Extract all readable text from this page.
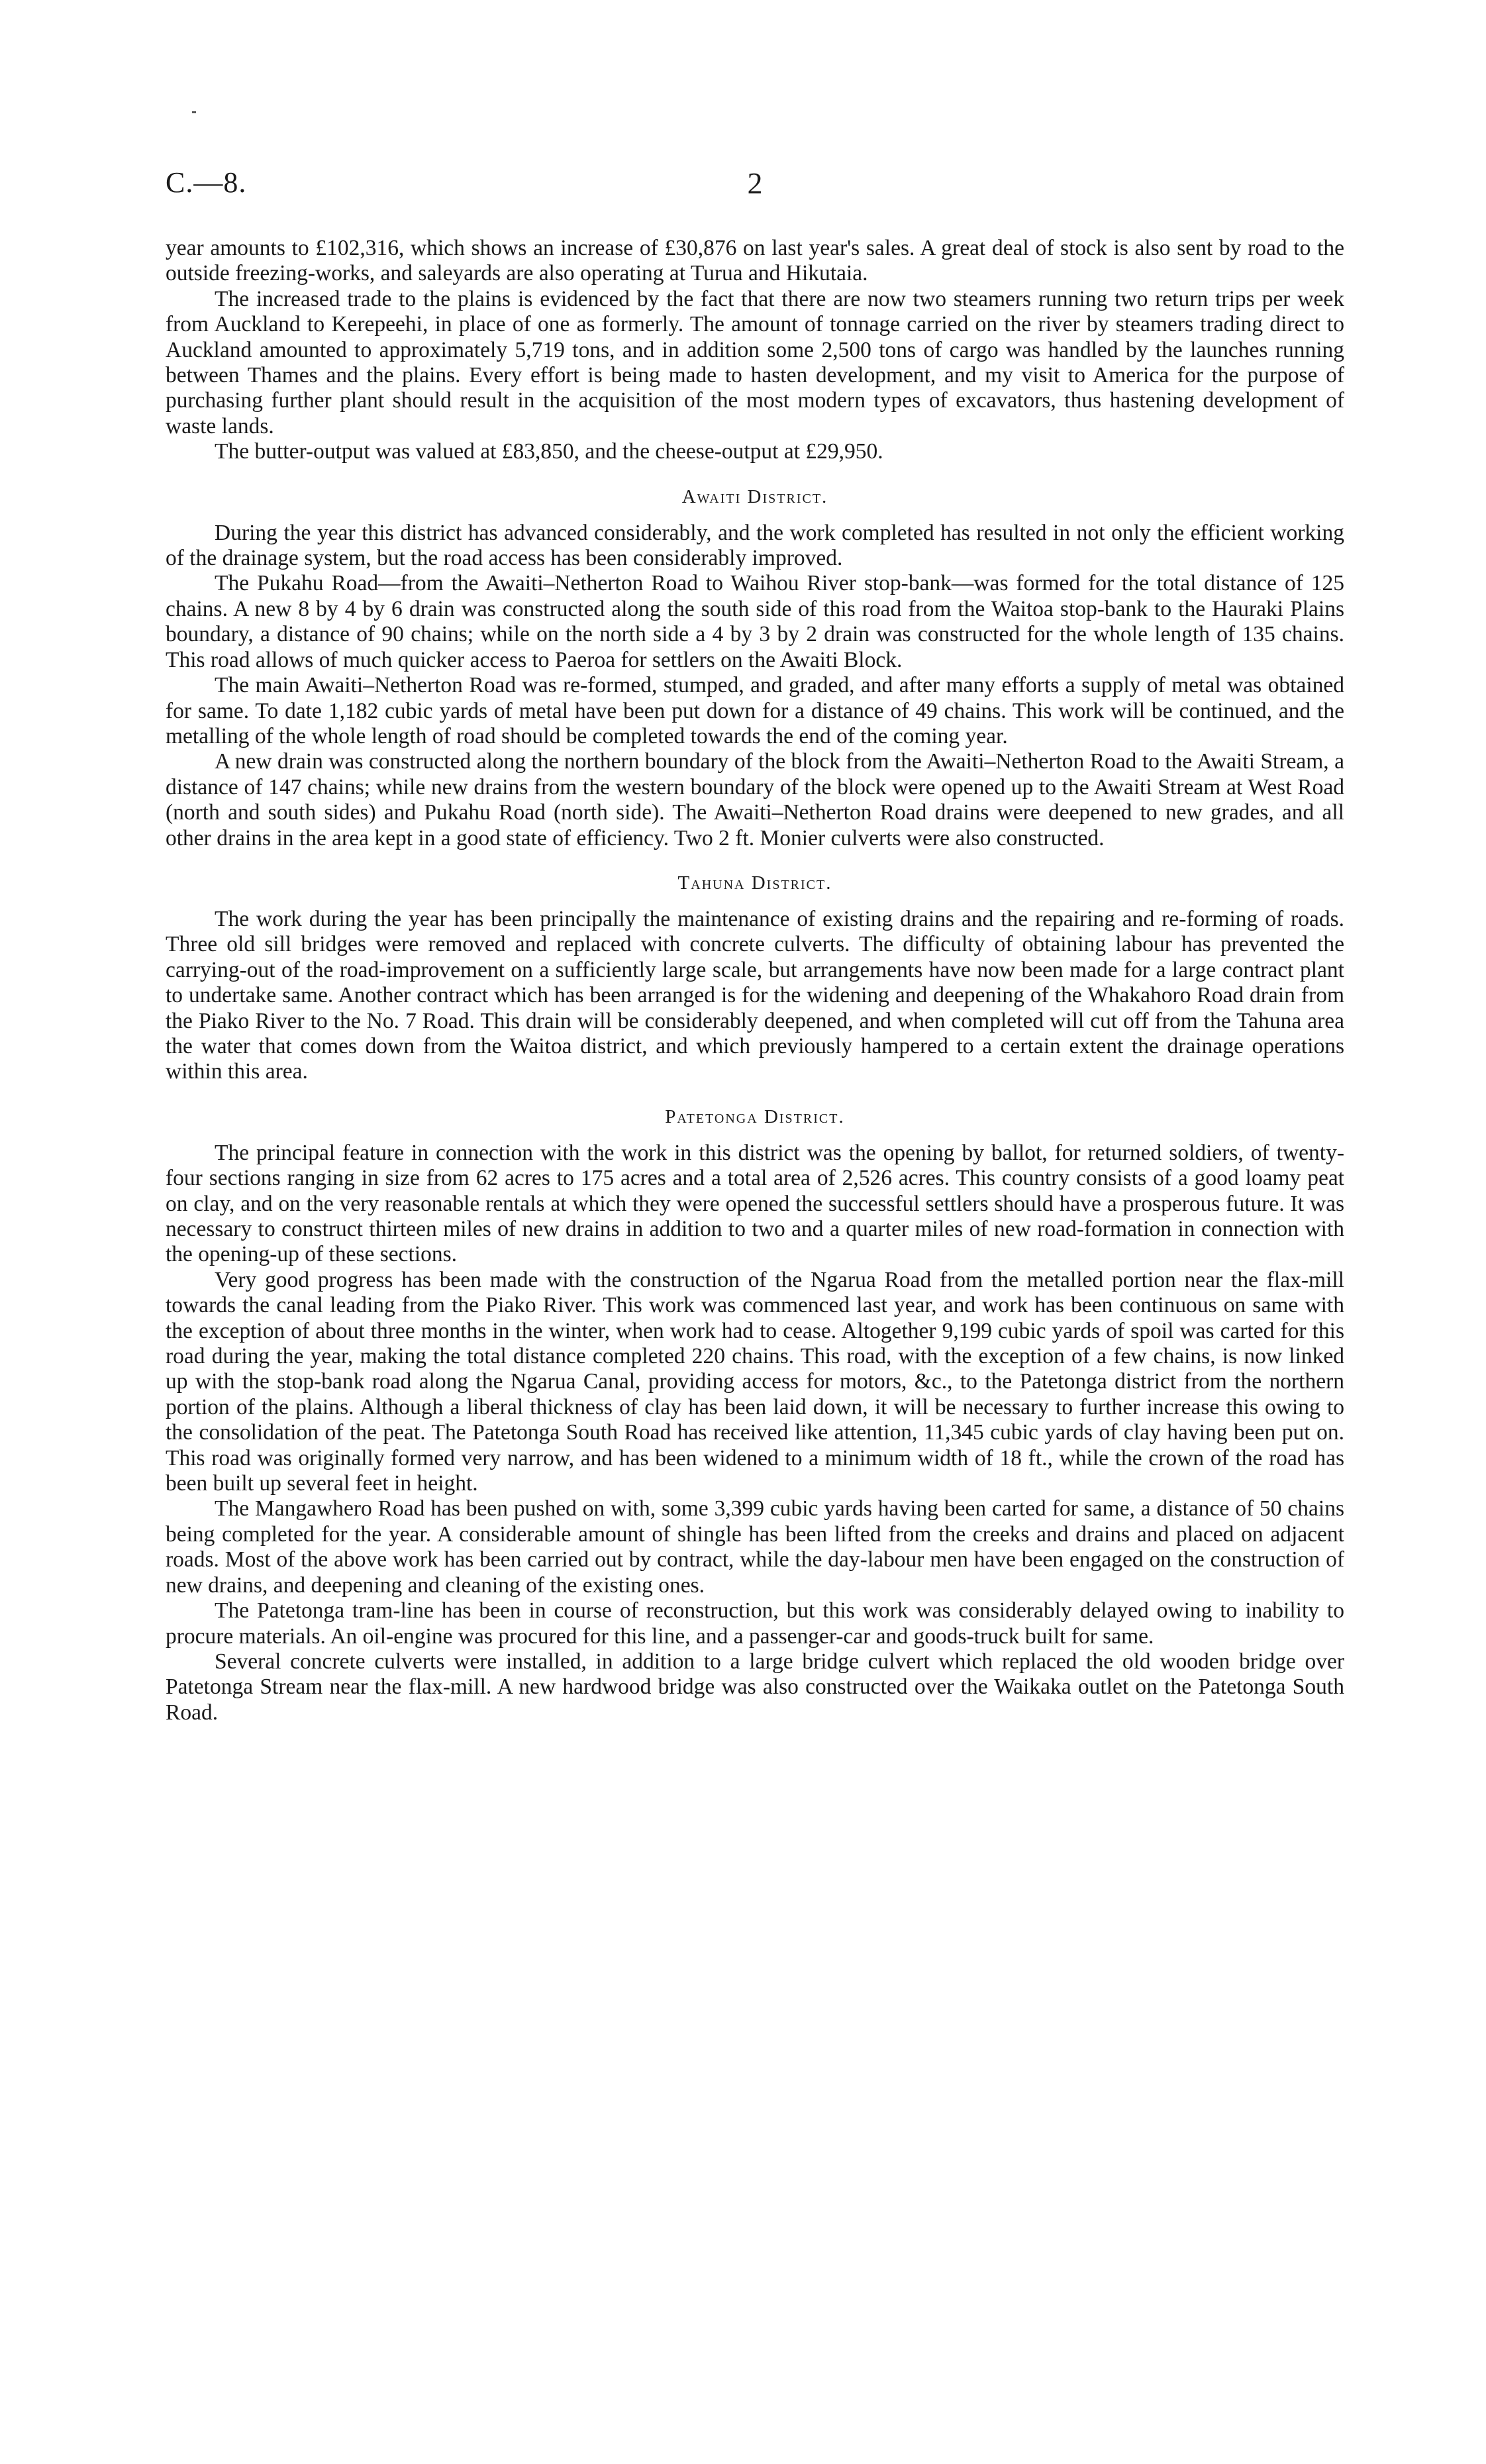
C.—8.	2

year amounts to £102,316, which shows an increase of £30,876 on last year's sales. A great deal of stock is also sent by road to the outside freezing-works, and saleyards are also operating at Turua and Hikutaia.

The increased trade to the plains is evidenced by the fact that there are now two steamers running two return trips per week from Auckland to Kerepeehi, in place of one as formerly. The amount of tonnage carried on the river by steamers trading direct to Auckland amounted to approximately 5,719 tons, and in addition some 2,500 tons of cargo was handled by the launches running between Thames and the plains. Every effort is being made to hasten development, and my visit to America for the purpose of purchasing further plant should result in the acquisition of the most modern types of excavators, thus hastening development of waste lands.

The butter-output was valued at £83,850, and the cheese-output at £29,950.

Awaiti District.

During the year this district has advanced considerably, and the work completed has resulted in not only the efficient working of the drainage system, but the road access has been considerably improved.

The Pukahu Road—from the Awaiti–Netherton Road to Waihou River stop-bank—was formed for the total distance of 125 chains. A new 8 by 4 by 6 drain was constructed along the south side of this road from the Waitoa stop-bank to the Hauraki Plains boundary, a distance of 90 chains; while on the north side a 4 by 3 by 2 drain was constructed for the whole length of 135 chains. This road allows of much quicker access to Paeroa for settlers on the Awaiti Block.

The main Awaiti–Netherton Road was re-formed, stumped, and graded, and after many efforts a supply of metal was obtained for same. To date 1,182 cubic yards of metal have been put down for a distance of 49 chains. This work will be continued, and the metalling of the whole length of road should be completed towards the end of the coming year.

A new drain was constructed along the northern boundary of the block from the Awaiti–Netherton Road to the Awaiti Stream, a distance of 147 chains; while new drains from the western boundary of the block were opened up to the Awaiti Stream at West Road (north and south sides) and Pukahu Road (north side). The Awaiti–Netherton Road drains were deepened to new grades, and all other drains in the area kept in a good state of efficiency. Two 2 ft. Monier culverts were also constructed.

Tahuna District.

The work during the year has been principally the maintenance of existing drains and the repairing and re-forming of roads. Three old sill bridges were removed and replaced with concrete culverts. The difficulty of obtaining labour has prevented the carrying-out of the road-improvement on a sufficiently large scale, but arrangements have now been made for a large contract plant to undertake same. Another contract which has been arranged is for the widening and deepening of the Whakahoro Road drain from the Piako River to the No. 7 Road. This drain will be considerably deepened, and when completed will cut off from the Tahuna area the water that comes down from the Waitoa district, and which previously hampered to a certain extent the drainage operations within this area.

Patetonga District.

The principal feature in connection with the work in this district was the opening by ballot, for returned soldiers, of twenty-four sections ranging in size from 62 acres to 175 acres and a total area of 2,526 acres. This country consists of a good loamy peat on clay, and on the very reasonable rentals at which they were opened the successful settlers should have a prosperous future. It was necessary to construct thirteen miles of new drains in addition to two and a quarter miles of new road-formation in connection with the opening-up of these sections.

Very good progress has been made with the construction of the Ngarua Road from the metalled portion near the flax-mill towards the canal leading from the Piako River. This work was commenced last year, and work has been continuous on same with the exception of about three months in the winter, when work had to cease. Altogether 9,199 cubic yards of spoil was carted for this road during the year, making the total distance completed 220 chains. This road, with the exception of a few chains, is now linked up with the stop-bank road along the Ngarua Canal, providing access for motors, &c., to the Patetonga district from the northern portion of the plains. Although a liberal thickness of clay has been laid down, it will be necessary to further increase this owing to the consolidation of the peat. The Patetonga South Road has received like attention, 11,345 cubic yards of clay having been put on. This road was originally formed very narrow, and has been widened to a minimum width of 18 ft., while the crown of the road has been built up several feet in height.

The Mangawhero Road has been pushed on with, some 3,399 cubic yards having been carted for same, a distance of 50 chains being completed for the year. A considerable amount of shingle has been lifted from the creeks and drains and placed on adjacent roads. Most of the above work has been carried out by contract, while the day-labour men have been engaged on the construction of new drains, and deepening and cleaning of the existing ones.

The Patetonga tram-line has been in course of reconstruction, but this work was considerably delayed owing to inability to procure materials. An oil-engine was procured for this line, and a passenger-car and goods-truck built for same.

Several concrete culverts were installed, in addition to a large bridge culvert which replaced the old wooden bridge over Patetonga Stream near the flax-mill. A new hardwood bridge was also constructed over the Waikaka outlet on the Patetonga South Road.
